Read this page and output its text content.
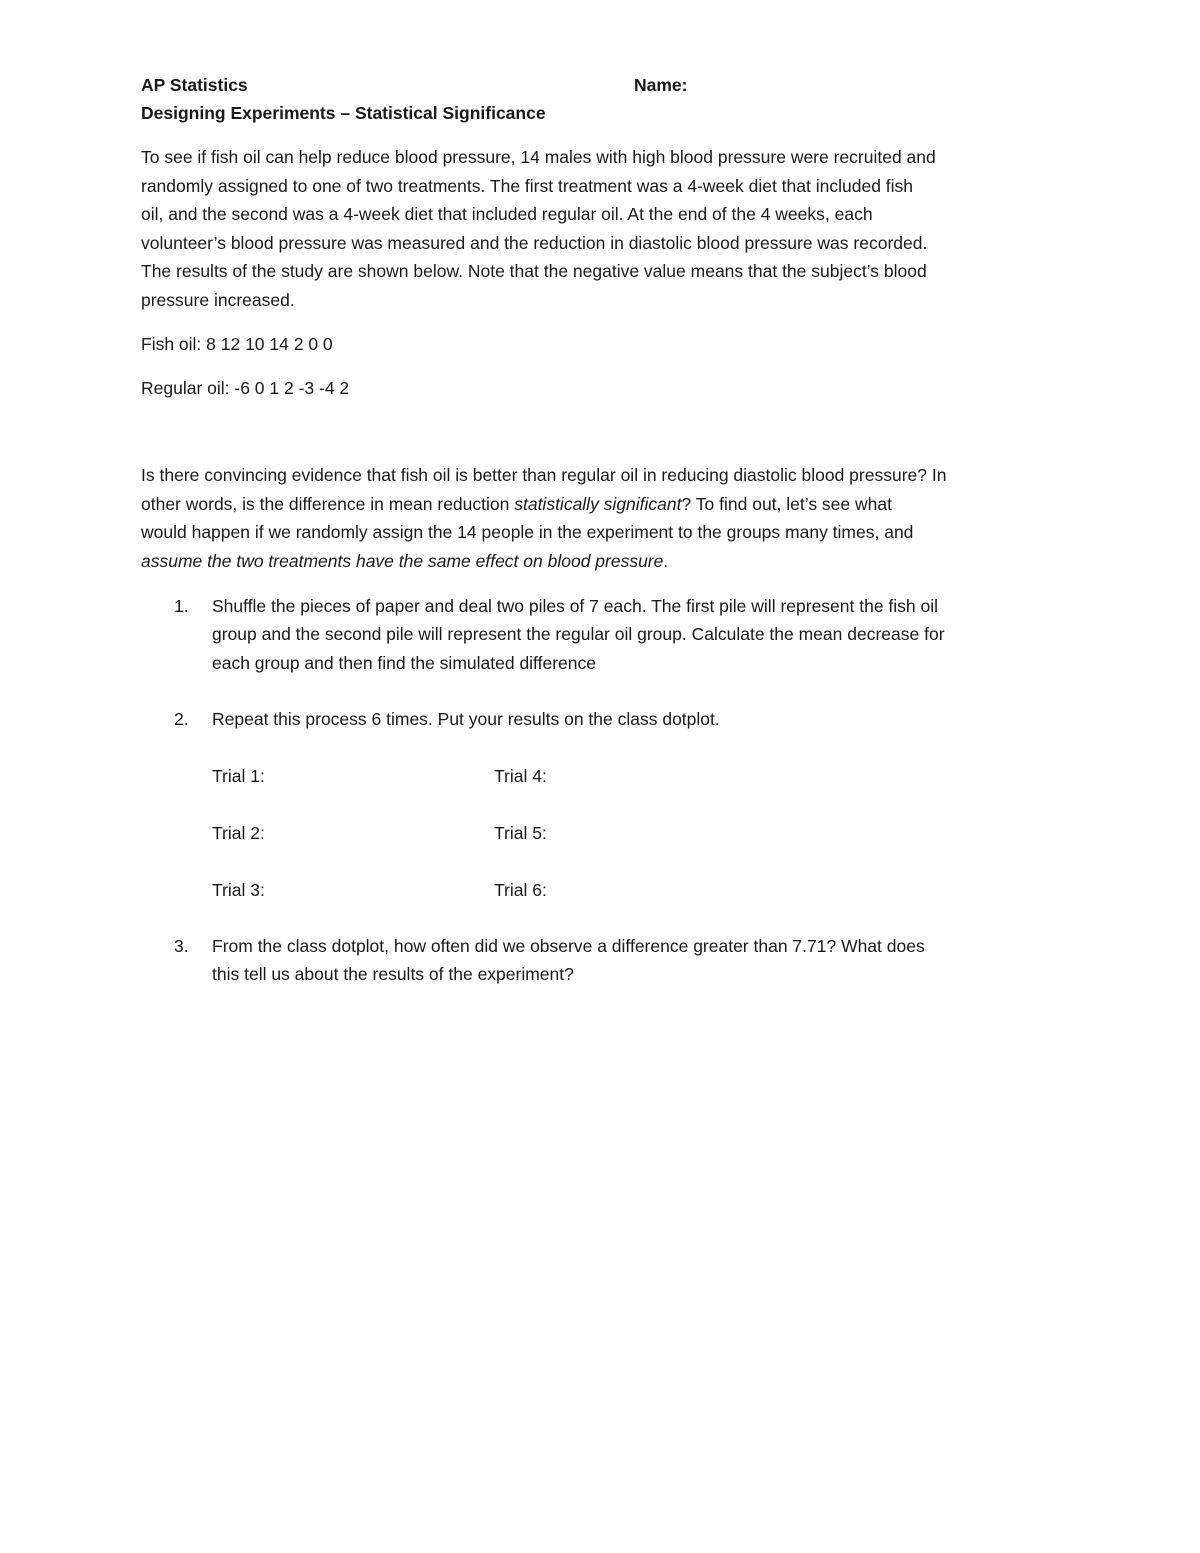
AP Statistics	Name:
Designing Experiments – Statistical Significance

To see if fish oil can help reduce blood pressure, 14 males with high blood pressure were recruited and

randomly assigned to one of two treatments. The first treatment was a 4-week diet that included fish

oil, and the second was a 4-week diet that included regular oil. At the end of the 4 weeks, each

volunteer’s blood pressure was measured and the reduction in diastolic blood pressure was recorded.

The results of the study are shown below. Note that the negative value means that the subject’s blood

pressure increased.

Fish oil: 8 12 10 14 2 0 0
Regular oil: -6 0 1 2 -3 -4 2

Is there convincing evidence that fish oil is better than regular oil in reducing diastolic blood pressure? In

other words, is the difference in mean reduction statistically significant? To find out, let’s see what

would happen if we randomly assign the 14 people in the experiment to the groups many times, and

assume the two treatments have the same effect on blood pressure.

1. Shuffle the pieces of paper and deal two piles of 7 each. The first pile will represent the fish oil
group and the second pile will represent the regular oil group. Calculate the mean decrease for
each group and then find the simulated difference
2. Repeat this process 6 times. Put your results on the class dotplot.
Trial 1:	Trial 4:
Trial 2:	Trial 5:
Trial 3:	Trial 6:
3. From the class dotplot, how often did we observe a difference greater than 7.71? What does
this tell us about the results of the experiment?
